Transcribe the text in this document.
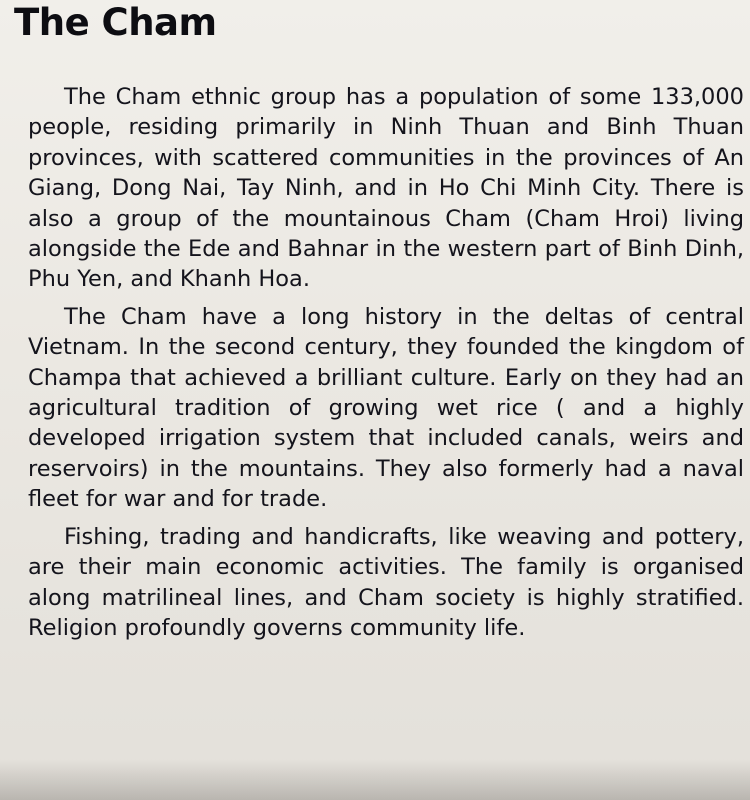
The Cham

The Cham ethnic group has a population of some 133,000 people, residing primarily in Ninh Thuan and Binh Thuan provinces, with scattered communities in the provinces of An Giang, Dong Nai, Tay Ninh, and in Ho Chi Minh City. There is also a group of the mountainous Cham (Cham Hroi) living alongside the Ede and Bahnar in the western part of Binh Dinh, Phu Yen, and Khanh Hoa.

The Cham have a long history in the deltas of central Vietnam. In the second century, they founded the kingdom of Champa that achieved a brilliant culture. Early on they had an agricultural tradition of growing wet rice ( and a highly developed irrigation system that included canals, weirs and reservoirs) in the mountains. They also formerly had a naval fleet for war and for trade.

Fishing, trading and handicrafts, like weaving and pottery, are their main economic activities. The family is organised along matrilineal lines, and Cham society is highly stratified. Religion profoundly governs community life.
